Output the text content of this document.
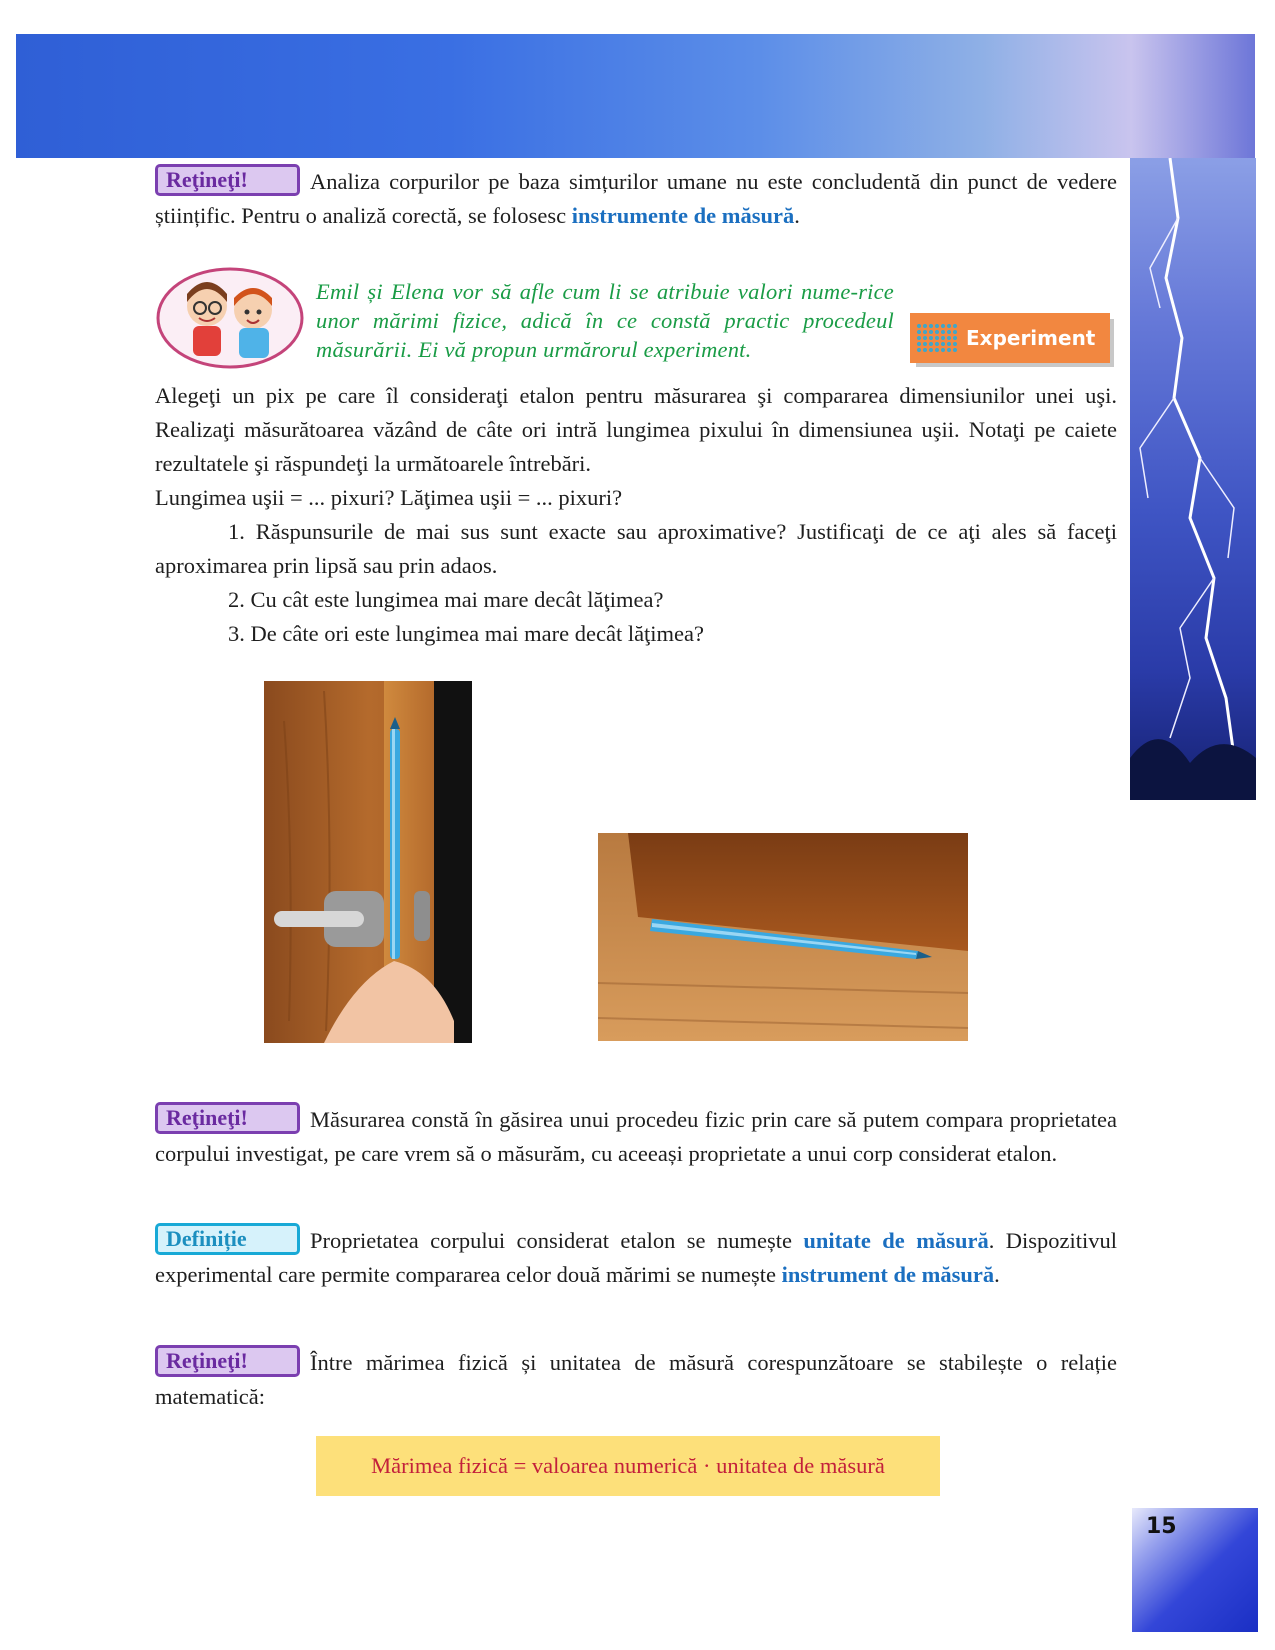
Reţineţi!	Analiza corpurilor pe baza simțurilor umane nu este concludentă din punct de vedere științific. Pentru o analiză corectă, se folosesc instrumente de măsură.

Emil și Elena vor să afle cum li se atribuie valori nume-rice unor mărimi fizice, adică în ce constă practic procedeul măsurării. Ei vă propun urmărorul experiment.	Experiment

Alegeţi un pix pe care îl consideraţi etalon pentru măsurarea şi compararea dimensiunilor unei uşi. Realizaţi măsurătoarea văzând de câte ori intră lungimea pixului în dimensiunea uşii. Notaţi pe caiete rezultatele şi răspundeţi la următoarele întrebări.

Lungimea uşii = ... pixuri? Lăţimea uşii = ... pixuri?

1. Răspunsurile de mai sus sunt exacte sau aproximative? Justificaţi de ce aţi ales să faceţi aproximarea prin lipsă sau prin adaos.

2. Cu cât este lungimea mai mare decât lăţimea?

3. De câte ori este lungimea mai mare decât lăţimea?

Reţineţi!	Măsurarea constă în găsirea unui procedeu fizic prin care să putem compara proprietatea corpului investigat, pe care vrem să o măsurăm, cu aceeași proprietate a unui corp considerat etalon.

Definiție	Proprietatea corpului considerat etalon se numește unitate de măsură. Dispozitivul experimental care permite compararea celor două mărimi se numește instrument de măsură.

Reţineţi!	Între mărimea fizică și unitatea de măsură corespunzătoare se stabilește o relație matematică:

Mărimea fizică = valoarea numerică · unitatea de măsură
15
